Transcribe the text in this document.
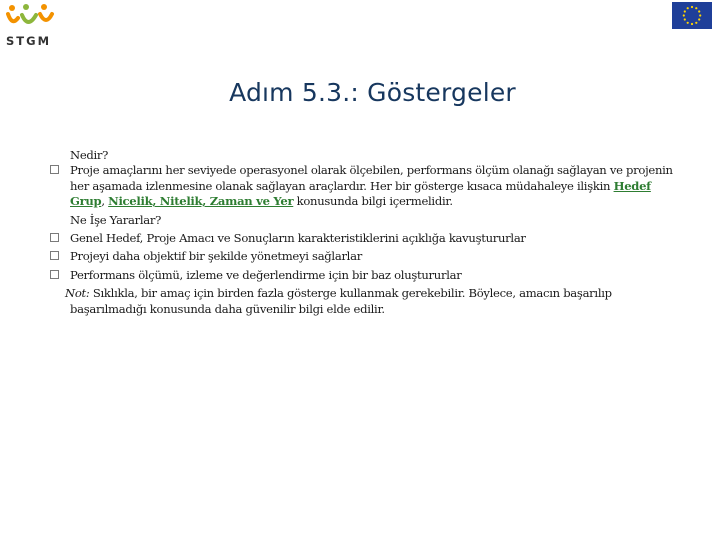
STGM
Adım 5.3.: Göstergeler
Nedir?
Proje amaçlarını her seviyede operasyonel olarak ölçebilen, performans ölçüm olanağı sağlayan ve projenin her aşamada izlenmesine olanak sağlayan araçlardır. Her bir gösterge kısaca müdahaleye ilişkin Hedef Grup, Nicelik, Nitelik, Zaman ve Yer konusunda bilgi içermelidir.
Ne İşe Yararlar?
Genel Hedef, Proje Amacı ve Sonuçların karakteristiklerini açıklığa kavuştururlar
Projeyi daha objektif bir şekilde yönetmeyi sağlarlar
Performans ölçümü, izleme ve değerlendirme için bir baz oluştururlar
Not: Sıklıkla, bir amaç için birden fazla gösterge kullanmak gerekebilir. Böylece, amacın başarılıp başarılmadığı konusunda daha güvenilir bilgi elde edilir.
